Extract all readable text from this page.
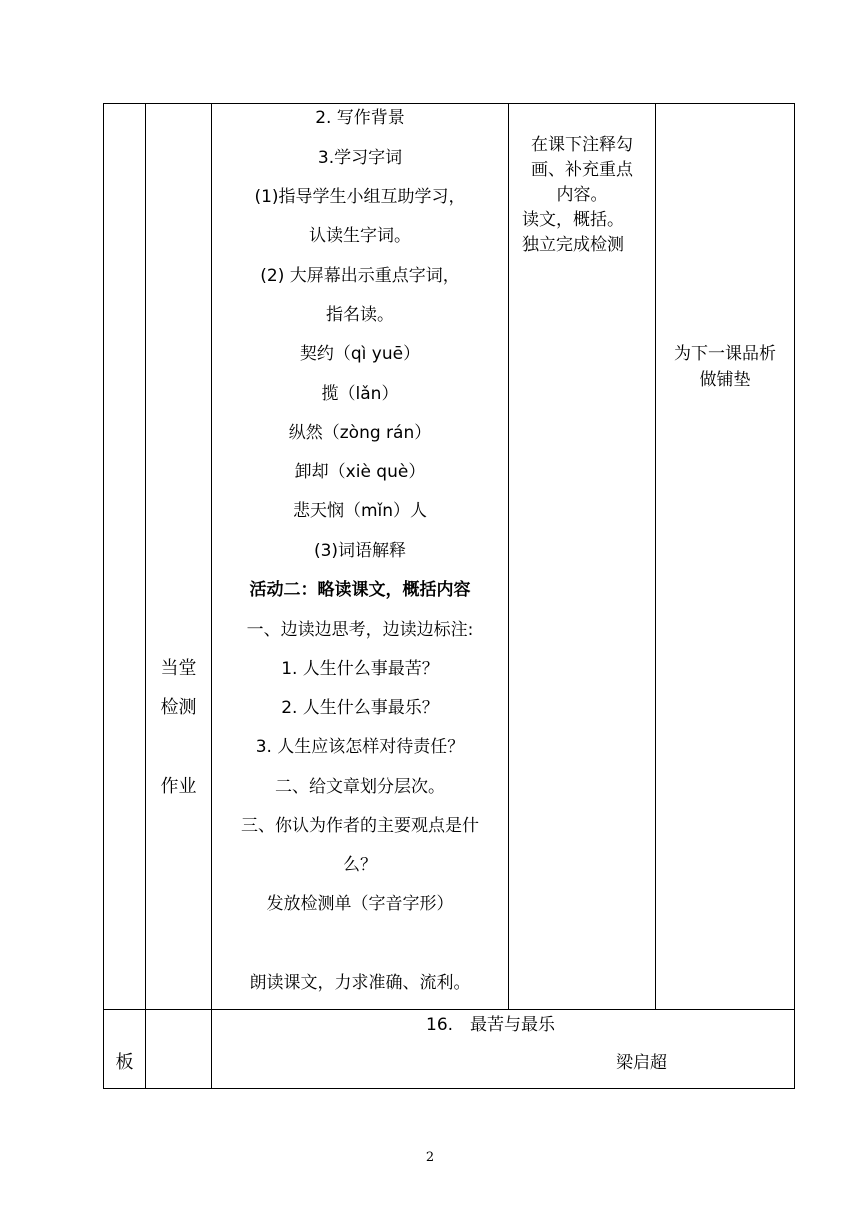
2. 写作背景
3.学习字词
(1)指导学生小组互助学习，
认读生字词。
(2) 大屏幕出示重点字词，
指名读。
契约（qì yuē）
揽（lǎn）
纵然（zòng rán）
卸却（xiè què）
悲天悯（mǐn）人
(3)词语解释
活动二：略读课文，概括内容
一、边读边思考，边读边标注:
1. 人生什么事最苦？
2. 人生什么事最乐？
3. 人生应该怎样对待责任？
二、给文章划分层次。
三、你认为作者的主要观点是什
么？
发放检测单（字音字形）
朗读课文，力求准确、流利。
在课下注释勾
画、补充重点
内容。
读文，概括。
独立完成检测
为下一课品析
做铺垫
当堂
检测
作业
板
16.　最苦与最乐
梁启超
2
